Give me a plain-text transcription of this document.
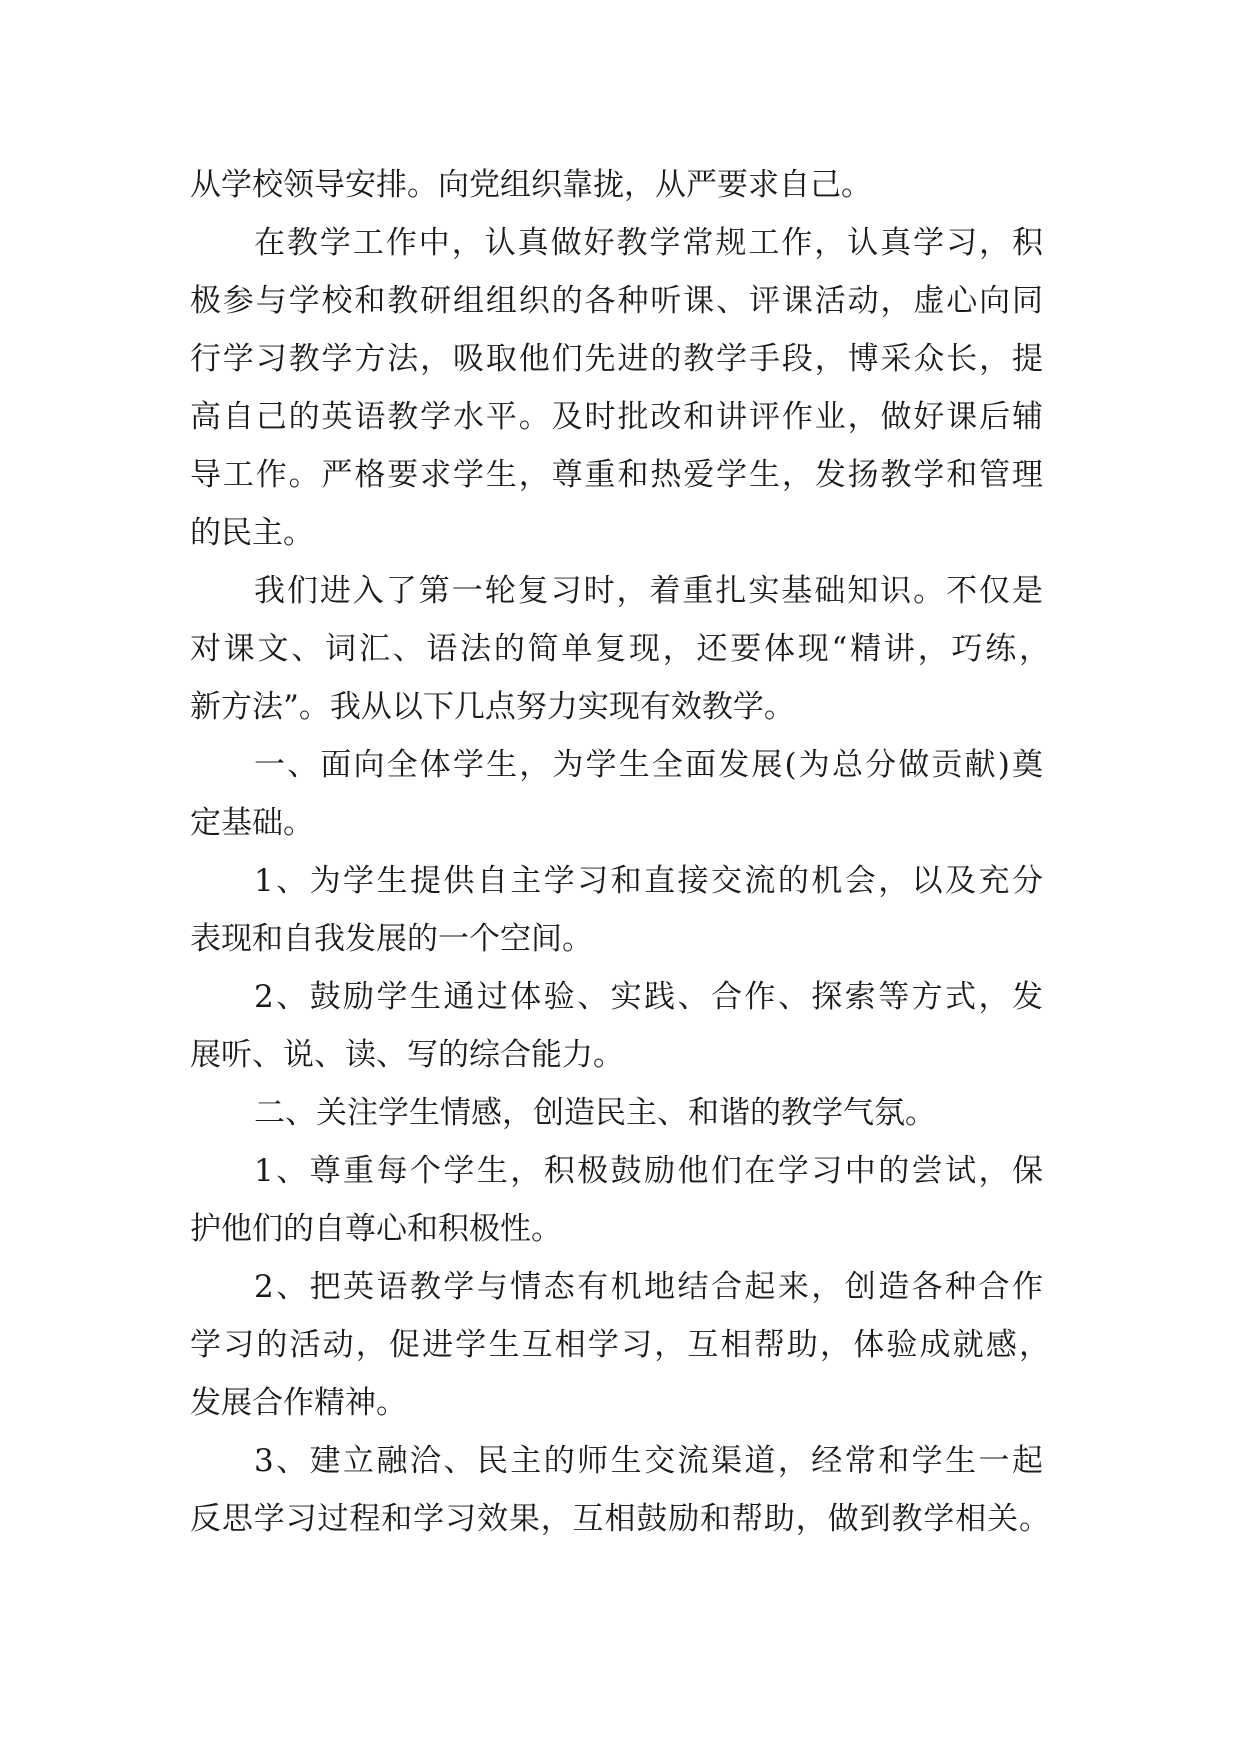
从学校领导安排。向党组织靠拢，从严要求自己。
在教学工作中，认真做好教学常规工作，认真学习，积
极参与学校和教研组组织的各种听课、评课活动，虚心向同
行学习教学方法，吸取他们先进的教学手段，博采众长，提
高自己的英语教学水平。及时批改和讲评作业，做好课后辅
导工作。严格要求学生，尊重和热爱学生，发扬教学和管理
的民主。
我们进入了第一轮复习时，着重扎实基础知识。不仅是
对课文、词汇、语法的简单复现，还要体现“精讲，巧练，
新方法”。我从以下几点努力实现有效教学。
一、面向全体学生，为学生全面发展(为总分做贡献)奠
定基础。
1、为学生提供自主学习和直接交流的机会，以及充分
表现和自我发展的一个空间。
2、鼓励学生通过体验、实践、合作、探索等方式，发
展听、说、读、写的综合能力。
二、关注学生情感，创造民主、和谐的教学气氛。
1、尊重每个学生，积极鼓励他们在学习中的尝试，保
护他们的自尊心和积极性。
2、把英语教学与情态有机地结合起来，创造各种合作
学习的活动，促进学生互相学习，互相帮助，体验成就感，
发展合作精神。
3、建立融洽、民主的师生交流渠道，经常和学生一起
反思学习过程和学习效果，互相鼓励和帮助，做到教学相关。
